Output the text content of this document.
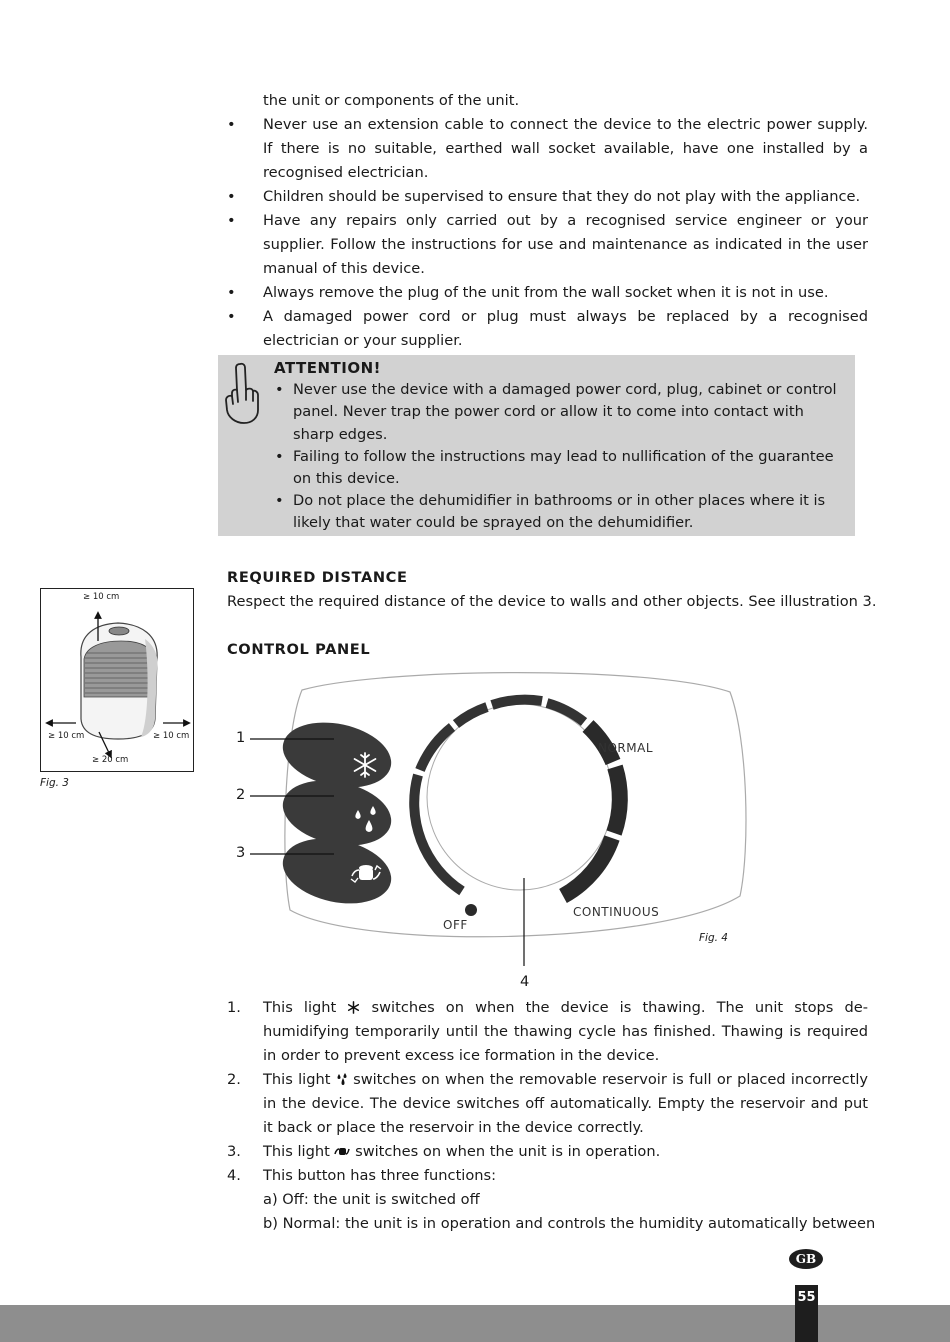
the unit or components of the unit.
• Never use an extension cable to connect the device to the electric power supply. If there is no suitable, earthed wall socket available, have one installed by a recognised electrician.
• Children should be supervised to ensure that they do not play with the appliance.
• Have any repairs only carried out by a recognised service engineer or your supplier. Follow the instructions for use and maintenance as indicated in the user manual of this device.
• Always remove the plug of the unit from the wall socket when it is not in use.
• A damaged power cord or plug must always be replaced by a recognised electrician or your supplier.
ATTENTION!
• Never use the device with a damaged power cord, plug, cabinet or control panel. Never trap the power cord or allow it to come into contact with sharp edges.
• Failing to follow the instructions may lead to nullification of the guarantee on this device.
• Do not place the dehumidifier in bathrooms or in other places where it is likely that water could be sprayed on the dehumidifier.
REQUIRED DISTANCE
Respect the required distance of the device to walls and other objects. See illustration 3.
≥ 10 cm
≥ 10 cm	≥ 10 cm
≥ 20 cm
Fig. 3
CONTROL PANEL
1
2
3
4
NORMAL
CONTINUOUS
OFF
Fig. 4
1. This light switches on when the device is thawing. The unit stops de-humidifying temporarily until the thawing cycle has finished. Thawing is required in order to prevent excess ice formation in the device.
2. This light switches on when the removable reservoir is full or placed incorrectly in the device. The device switches off automatically. Empty the reservoir and put it back or place the reservoir in the device correctly.
3. This light switches on when the unit is in operation.
4. This button has three functions:
a) Off: the unit is switched off
b) Normal: the unit is in operation and controls the humidity automatically between
GB
55
